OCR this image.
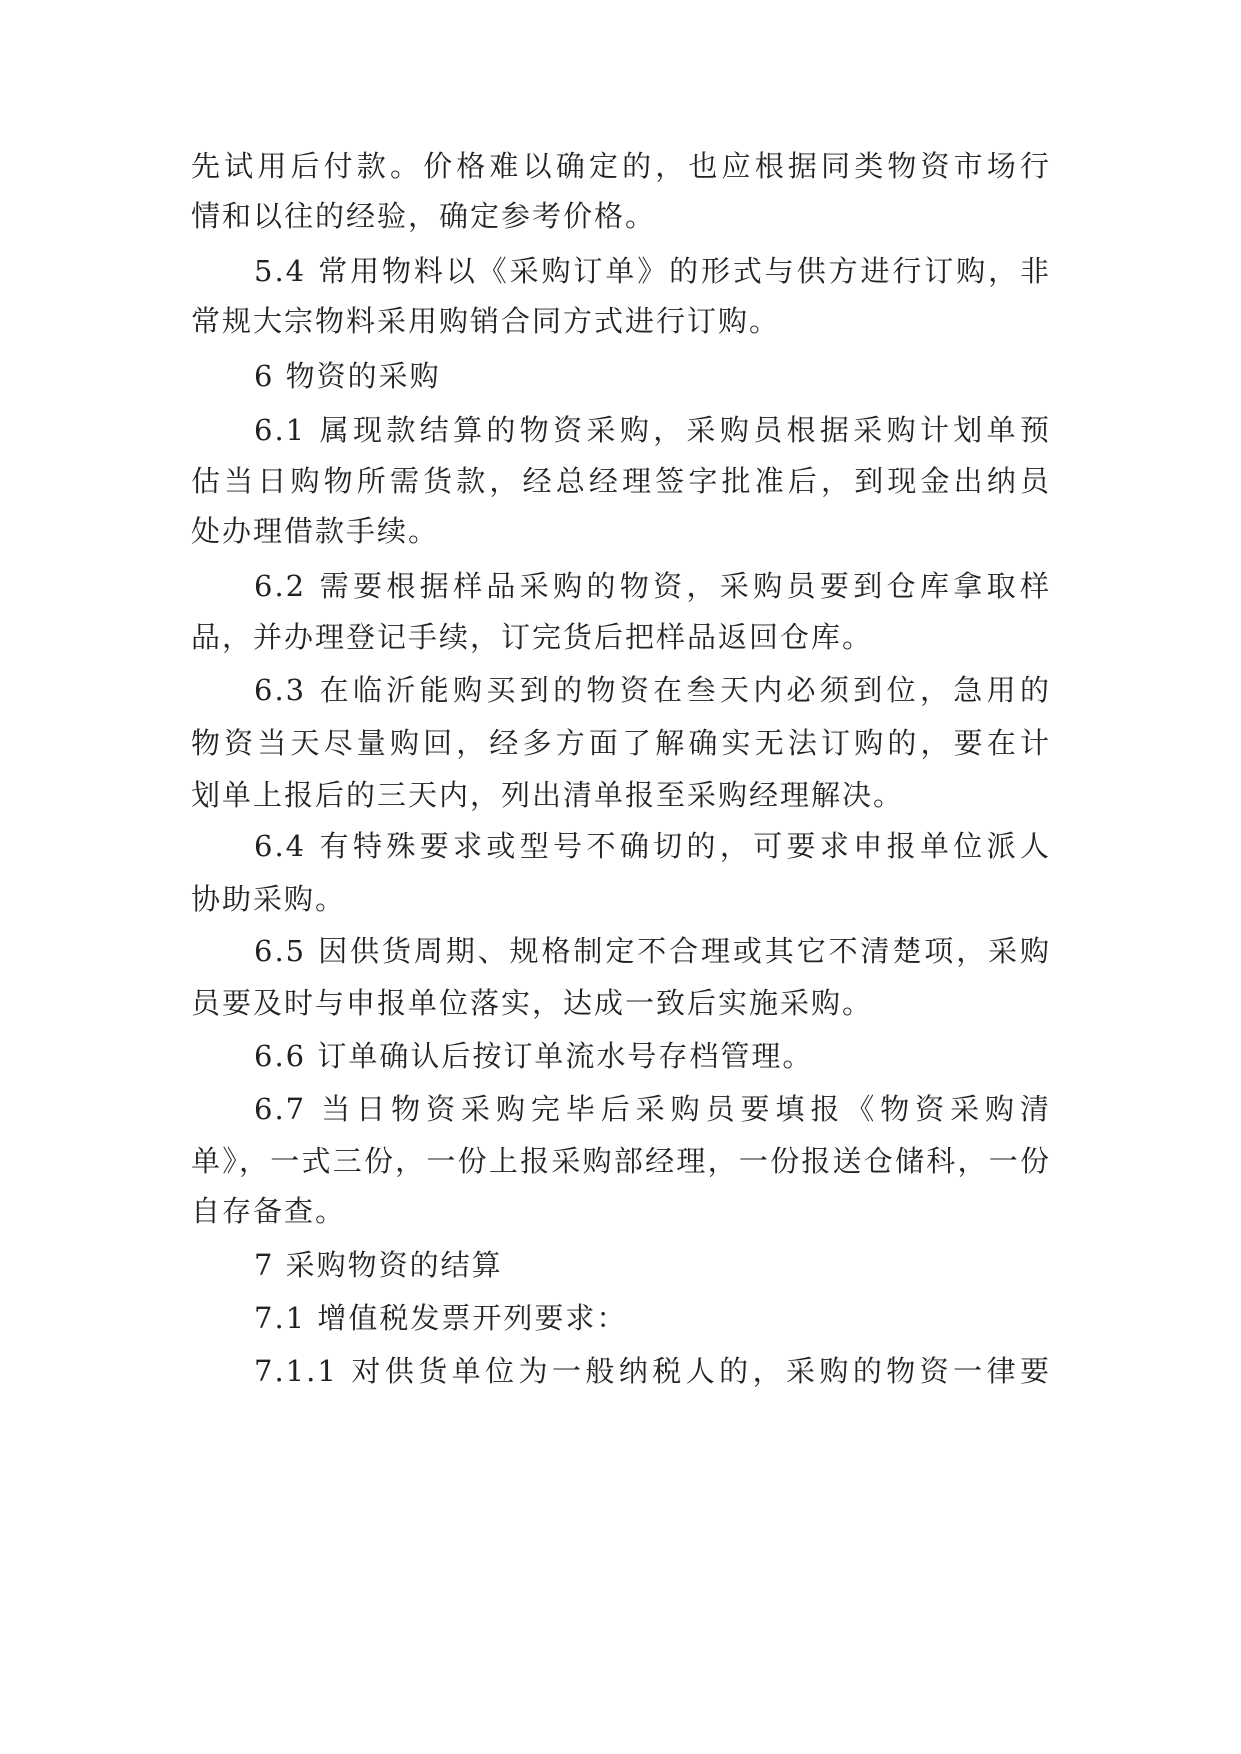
先试用后付款。价格难以确定的，也应根据同类物资市场行
情和以往的经验，确定参考价格。
5.4 常用物料以《采购订单》的形式与供方进行订购，非
常规大宗物料采用购销合同方式进行订购。
6 物资的采购
6.1 属现款结算的物资采购，采购员根据采购计划单预
估当日购物所需货款，经总经理签字批准后，到现金出纳员
处办理借款手续。
6.2 需要根据样品采购的物资，采购员要到仓库拿取样
品，并办理登记手续，订完货后把样品返回仓库。
6.3 在临沂能购买到的物资在叁天内必须到位，急用的
物资当天尽量购回，经多方面了解确实无法订购的，要在计
划单上报后的三天内，列出清单报至采购经理解决。
6.4 有特殊要求或型号不确切的，可要求申报单位派人
协助采购。
6.5 因供货周期、规格制定不合理或其它不清楚项，采购
员要及时与申报单位落实，达成一致后实施采购。
6.6 订单确认后按订单流水号存档管理。
6.7 当日物资采购完毕后采购员要填报《物资采购清
单》，一式三份，一份上报采购部经理，一份报送仓储科，一份
自存备查。
7 采购物资的结算
7.1 增值税发票开列要求：
7.1.1 对供货单位为一般纳税人的，采购的物资一律要
